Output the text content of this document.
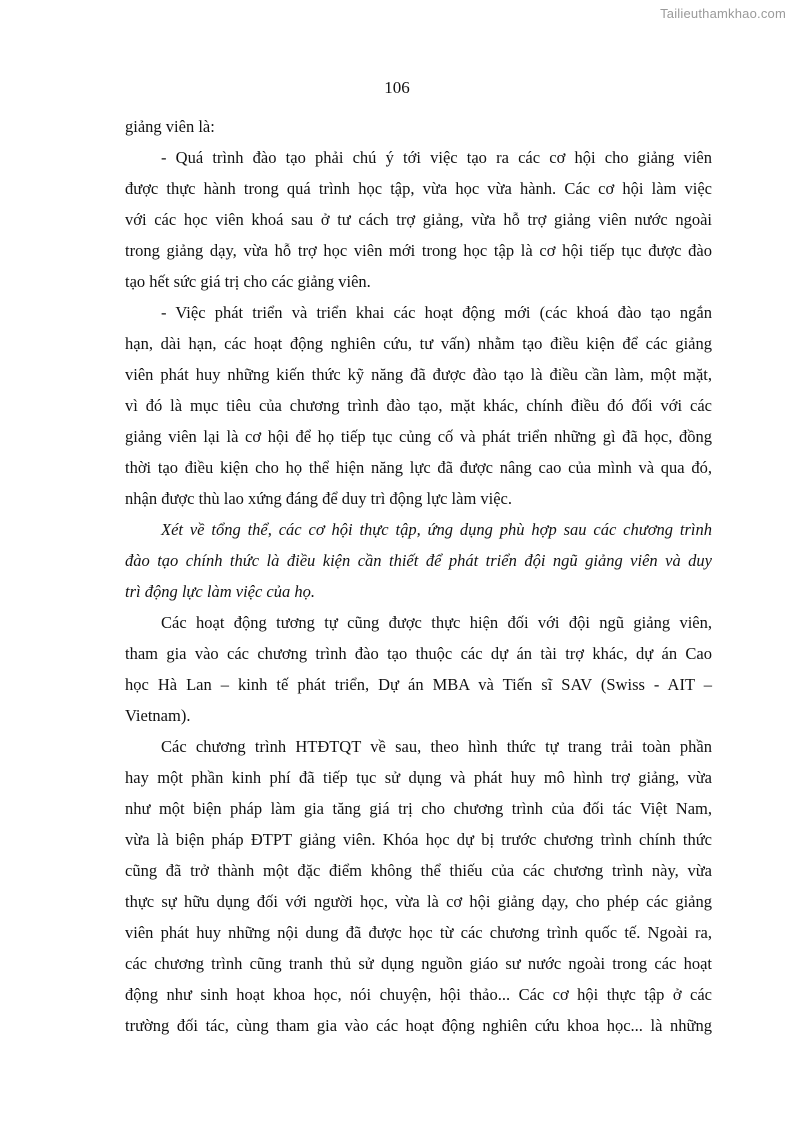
Tailieuthamkhao.com
106

giảng viên là:

- Quá trình đào tạo phải chú ý tới việc tạo ra các cơ hội cho giảng viên
được thực hành trong quá trình học tập, vừa học vừa hành. Các cơ hội làm việc
với các học viên khoá sau ở tư cách trợ giảng, vừa hỗ trợ giảng viên nước ngoài
trong giảng dạy, vừa hỗ trợ học viên mới trong học tập là cơ hội tiếp tục được đào
tạo hết sức giá trị cho các giảng viên.

- Việc phát triển và triển khai các hoạt động mới (các khoá đào tạo ngắn
hạn, dài hạn, các hoạt động nghiên cứu, tư vấn) nhằm tạo điều kiện để các giảng
viên phát huy những kiến thức kỹ năng đã được đào tạo là điều cần làm, một mặt,
vì đó là mục tiêu của chương trình đào tạo, mặt khác, chính điều đó đối với các
giảng viên lại là cơ hội để họ tiếp tục củng cố và phát triển những gì đã học, đồng
thời tạo điều kiện cho họ thể hiện năng lực đã được nâng cao của mình và qua đó,
nhận được thù lao xứng đáng để duy trì động lực làm việc.

Xét về tổng thể, các cơ hội thực tập, ứng dụng phù hợp sau các chương trình
đào tạo chính thức là điều kiện cần thiết để phát triển đội ngũ giảng viên và duy
trì động lực làm việc của họ.

Các hoạt động tương tự cũng được thực hiện đối với đội ngũ giảng viên,
tham gia vào các chương trình đào tạo thuộc các dự án tài trợ khác, dự án Cao
học Hà Lan – kinh tế phát triển, Dự án MBA và Tiến sĩ SAV (Swiss - AIT –
Vietnam).

Các chương trình HTĐTQT về sau, theo hình thức tự trang trải toàn phần
hay một phần kinh phí đã tiếp tục sử dụng và phát huy mô hình trợ giảng, vừa
như một biện pháp làm gia tăng giá trị cho chương trình của đối tác Việt Nam,
vừa là biện pháp ĐTPT giảng viên. Khóa học dự bị trước chương trình chính thức
cũng đã trở thành một đặc điểm không thể thiếu của các chương trình này, vừa
thực sự hữu dụng đối với người học, vừa là cơ hội giảng dạy, cho phép các giảng
viên phát huy những nội dung đã được học từ các chương trình quốc tế. Ngoài ra,
các chương trình cũng tranh thủ sử dụng nguồn giáo sư nước ngoài trong các hoạt
động như sinh hoạt khoa học, nói chuyện, hội thảo... Các cơ hội thực tập ở các
trường đối tác, cùng tham gia vào các hoạt động nghiên cứu khoa học... là những
